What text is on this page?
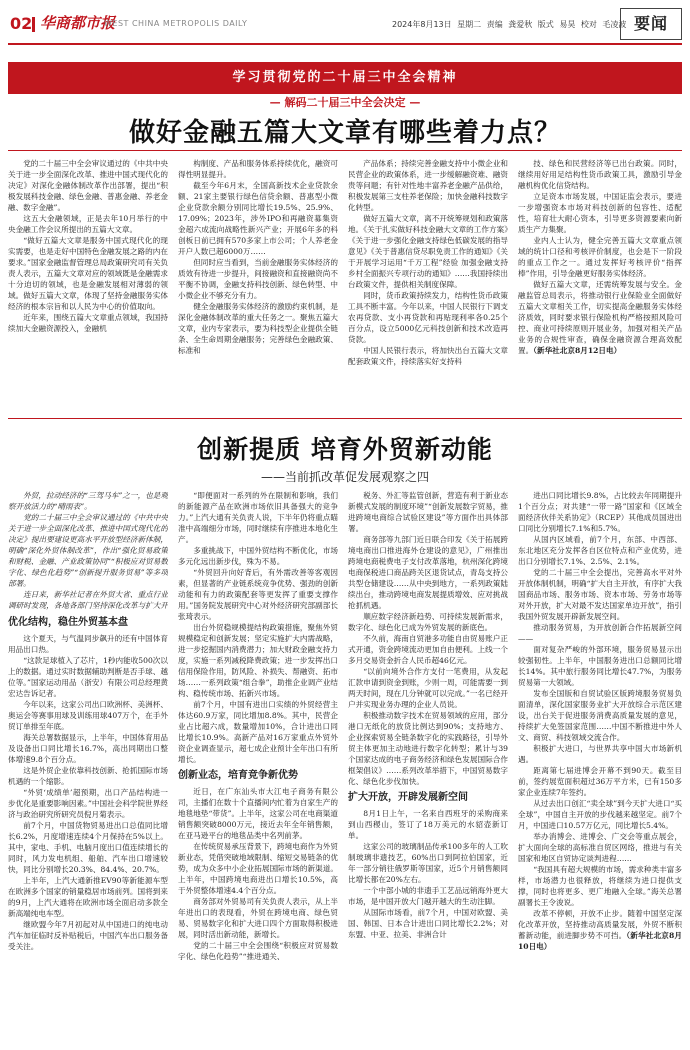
02 华商都市报
WEST CHINA METROPOLIS DAILY	2024年8月13日 星期二 责编 龚爱秋 版式 易昊 校对 毛凌波 要闻
学习贯彻党的二十届三中全会精神
— 解码二十届三中全会决定 —
做好金融五篇大文章有哪些着力点？

党的二十届三中全会审议通过的《中共中央关于进一步全面深化改革、推进中国式现代化的决定》对深化金融体制改革作出部署，提出“积极发展科技金融、绿色金融、普惠金融、养老金融、数字金融”。

这五大金融领域，正是去年10月举行的中央金融工作会议所提出的五篇大文章。

“做好五篇大文章是服务中国式现代化的现实需要，也是走好中国特色金融发展之路的内在要求。”国家金融监督管理总局政策研究司有关负责人表示，五篇大文章对应的领域既是金融需求十分迫切的领域，也是金融发展相对薄弱的领域。做好五篇大文章，体现了坚持金融服务实体经济的根本宗旨和以人民为中心的价值取向。

近年来，围绕五篇大文章重点领域，我国持续加大金融资源投入，金融机

构制度、产品和服务体系持续优化，融资可得性明显提升。

截至今年6月末，全国高新技术企业贷款余额、21家主要银行绿色信贷余额、普惠型小微企业贷款余额分别同比增长19.5%、25.9%、17.09%；2023年，涉外IPO和再融资募集资金超六成流向战略性新兴产业；开展6年多的科创板日前已拥有570多家上市公司；个人养老金开户人数已超6000万……

但同时应当看到，当前金融服务实体经济的质效有待进一步提升，间接融资和直接融资尚不平衡不协调，金融支持科技创新、绿色转型、中小微企业不够充分有力。

健全金融服务实体经济的激励约束机制，是深化金融体制改革的重大任务之一。聚焦五篇大文章，业内专家表示，要为科技型企业提供全链条、全生命周期金融服务；完善绿色金融政策、标准和

产品体系；持续完善金融支持中小微企业和民营企业的政策体系，进一步缓解融资难、融资贵等问题；有针对性地丰富养老金融产品供给，积极发展第三支柱养老保险；加快金融科技数字化转型。

做好五篇大文章，离不开统筹规划和政策落地。《关于扎实做好科技金融大文章的工作方案》《关于进一步强化金融支持绿色低碳发展的指导意见》《关于普惠信贷尽职免责工作的通知》《关于开展学习运用“千万工程”经验 加强金融支持乡村全面振兴专项行动的通知》……我国持续出台政策文件，提供相关制度保障。

同时，货币政策持续发力，结构性货币政策工具不断丰富。今年以来，中国人民银行下调支农再贷款、支小再贷款和再贴现利率各0.25个百分点，设立5000亿元科技创新和技术改造再贷款。

中国人民银行表示，将加快出台五篇大文章配套政策文件，持续落实好支持科

技、绿色和民营经济等已出台政策。同时，继续用好用足结构性货币政策工具，激励引导金融机构优化信贷结构。

立足资本市场发展，中国证监会表示，要进一步增强资本市场对科技创新的包容性、适配性，培育壮大耐心资本，引导更多资源要素向新质生产力集聚。

业内人士认为，健全完善五篇大文章重点领域的统计口径和考核评价制度，也会是下一阶段的重点工作之一。通过发挥好考核评价“指挥棒”作用，引导金融更好服务实体经济。

做好五篇大文章，还需统筹发展与安全。金融监管总局表示，将推动银行业保险业全面做好五篇大文章相关工作，切实提高金融服务实体经济质效，同时要求银行保险机构严格按照风险可控、商业可持续原则开展业务，加强对相关产品业务的合规性审查，确保金融资源合理高效配置。（新华社北京8月12日电）

创新提质 培育外贸新动能
——当前抓改革促发展观察之四

外贸，拉动经济的“三驾马车”之一，也是观察开放活力的“晴雨表”。

党的二十届三中全会审议通过的《中共中央关于进一步全面深化改革、推进中国式现代化的决定》提出要建设更高水平开放型经济新体制，明确“深化外贸体制改革”，作出“强化贸易政策和财税、金融、产业政策协同”“积极应对贸易数字化、绿色化趋势”“创新提升服务贸易”等多项部署。

连日来，新华社记者在外贸大省、重点行业调研时发现，各地各部门坚持深化改革与扩大开

优化结构，稳住外贸基本盘

这个夏天，与气温同步飙升的还有中国体育用品出口热。

“这款足球植入了芯片，1秒内能收500次以上的数据。通过实时数据辅助判断是否手球、越位等。”国家运动用品（浙安）有限公司总经理黄宏达告诉记者。

今年以来，这家公司出口欧洲杯、美洲杯、奥运会等赛事用球及训练用球407万个，在手外贸订单排至年底。

海关总署数据显示，上半年，中国体育用品及设备出口同比增长16.7%，高出同期出口整体增速9.8个百分点。

这是外贸企业依靠科技创新、抢抓国际市场机遇的一个缩影。

“外贸‘成绩单’超预期，出口产品结构进一步优化是重要影响因素。”中国社会科学院世界经济与政治研究所研究员倪月菊表示。

前7个月，中国货物贸易进出口总值同比增长6.2%，月度增速连续4个月保持在5%以上。其中，家电、手机、电脑月度出口值连续增长的同时，风力发电机组、船舶、汽车出口增速较快，同比分别增长20.3%、84.4%、20.7%。

上半年，上汽大通新推EV90等新能源车型在欧洲多个国家的销量稳居市场前列。国将到来的9月，上汽大通将在欧洲市场全面启动多款全新高端纯电车型。

继欧盟今年7月初起对从中国进口的纯电动汽车加征临时反补贴税后，中国汽车出口服务备受关注。

“即便面对一系列的外在限制和影响，我们的新能源产品在欧洲市场依旧具备强大的竞争力。”上汽大通有关负责人说，下半年仍将重点瞄准中高端细分市场，同时继续有序推进本地化生产。

多重挑战下，中国外贸结构不断优化，市场多元化远出新步伐，殊为不易。

“外贸回升向好背后，有外需改善等客观因素，但显著的产业链系统竞争优势、强劲的创新动能和有力的政策配套等更发挥了重要支撑作用。”国务院发展研究中心对外经济研究部副部长张琦表示。

出台外贸稳规模提结构政策措施，聚焦外贸规模稳定和创新发展；坚定实施扩大内需战略，进一步挖掘国内消费潜力；加大财政金融支持力度，实施一系列减税降费政策；进一步发挥出口信用保险作用，防风险、补损失、帮融资、拓市场……一系列政策“组合拳”，助推企业调产业结构、稳传统市场、拓新兴市场。

前7个月，中国有进出口实绩的外贸经营主体达60.9万家，同比增加8.8%。其中，民营企业占比超六成，数量增加10%，合计进出口同比增长10.9%。高新产品对16万家重点外贸外资企业调查显示，超七成企业预计全年出口有所增长。

创新业态，培育竞争新优势

近日，在广东汕头市大江电子商务有限公司，主播们在数十个直播间内忙着为自家生产的地毯地垫“带货”。上半年，这家公司在电商渠道销售额突破8000万元，接近去年全年销售额，在亚马逊平台的地毯品类中名列前茅。

在传统贸易承压背景下，跨境电商作为外贸新业态，凭借突破地域限制、缩短交易链条的优势，成为众多中小企业拓展国际市场的新渠道。上半年，中国跨境电商进出口增长10.5%，高于外贸整体增速4.4个百分点。

商务部对外贸易司有关负责人表示，从上半年进出口的表现看，外贸在跨境电商、绿色贸易、贸易数字化和扩大进口四个方面取得积极进展，同时活出新动能，新增长。

党的二十届三中全会围绕“积极应对贸易数字化、绿色化趋势”“推进通关、

税务、外汇等监管创新，营造有利于新业态新模式发展的制度环境”“创新发展数字贸易，推进跨境电商综合试验区建设”等方面作出具体部署。

商务部等九部门近日联合印发《关于拓展跨境电商出口推进海外仓建设的意见》，广州推出跨境电商税费电子支付改革落地，杭州深化跨境电商保税进口商品跨关区退货试点，青岛支持公共型仓储建设……从中央到地方，一系列政策陆续出台，推动跨境电商发展提质增效、应对挑战抢抓机遇。

顺应数字经济新趋势、可持续发展新需求，数字化、绿色化已成为外贸发展的新底色。

不久前，海南自贸港多功能自由贸易账户正式开通，资金跨境流动更加自由便利。上线一个多月交易资金折合人民币超46亿元。

“以前向境外合作方支付一笔费用，从发起汇款申请到资金到账，少则一周，可能需要一到两天时间，现在几分钟就可以完成。”一名已经开户并实现业务办理的企业人员说。

积极推动数字技术在贸易领域的应用，部分港口无纸化的放货比例达到90%；支持地方、企业探索贸易全链条数字化的实践路径，引导外贸主体更加主动地进行数字化转型；累计与39个国家达成的电子商务经济和绿色发展国际合作框架倡议》……系列改革举措下，中国贸易数字化、绿色化步伐加快。

扩大开放，开辟发展新空间

8月1日上午，一名来自西班牙的采购商来到山西稷山，签订了18万美元的水貂壶新订单。

这家公司的玻璃制品传承100多年的人工吹制玻璃非遗技艺，60%出口到阿拉伯国家，近年一部分销往俄罗斯等国家，近5个月销售额同比增长都在20%左右。

一个中部小城的非遗手工艺品远销海外更大市场，是中国开放大门越开越大的生动注脚。

从国际市场看，前7个月，中国对欧盟、美国、韩国、日本合计进出口同比增长2.2%；对东盟、中亚、拉美、非洲合计

进出口同比增长9.8%，占比较去年同期提升1个百分点；对共建“一带一路”国家和《区域全面经济伙伴关系协定》（RCEP）其他成员国进出口同比分别增长7.1%和5.7%。

从国内区域看，前7个月，东部、中西部、东北地区充分发挥各自区位特点和产业优势，进出口分别增长7.1%、2.5%、2.1%。

党的二十届三中全会提出，完善高水平对外开放体制机制，明确“扩大自主开放，有序扩大我国商品市场、服务市场、资本市场、劳务市场等对外开放，扩大对最不发达国家单边开放”，指引我国外贸发展开辟新发展空间。

推动服务贸易，为开放创新合作拓展新空间——

面对复杂严峻的外部环境，服务贸易显示出较强韧性。上半年，中国服务进出口总额同比增长14%。其中旅行服务同比增长47.7%，为服务贸易第一大领域。

发布全国版和自贸试验区版跨境服务贸易负面清单，深化国家服务业扩大开放综合示范区建设，出台关于促进服务消费高质量发展的意见，持续扩大免签国家范围……中国不断推进中外人文、商贸、科技领域交流合作。

积极扩大进口，与世界共享中国大市场新机遇。

距离第七届进博会开幕不到90天。截至目前，签约展览面积超过36万平方米，已有150多家企业连续7年签约。

从过去出口创汇“卖全球”到今天扩大进口“买全球”，中国自主开放的步伐越来越坚定。前7个月，中国进口10.57万亿元，同比增长5.4%。

举办消博会、进博会、广交会等重点展会，扩大面向全球的高标准自贸区网络，推进与有关国家和地区自贸协定谈判进程……

“我国具有超大规模的市场，需求种类丰富多样，市场潜力也很释放，将继续为进口提供支撑，同时也将更多、更广地融入全球。”海关总署副署长王令浚说。

改革不停顿，开放不止步。随着中国坚定深化改革开放，坚持推动高质量发展，外贸不断积蓄新动能，前进脚步势不可挡。（新华社北京8月10日电）
